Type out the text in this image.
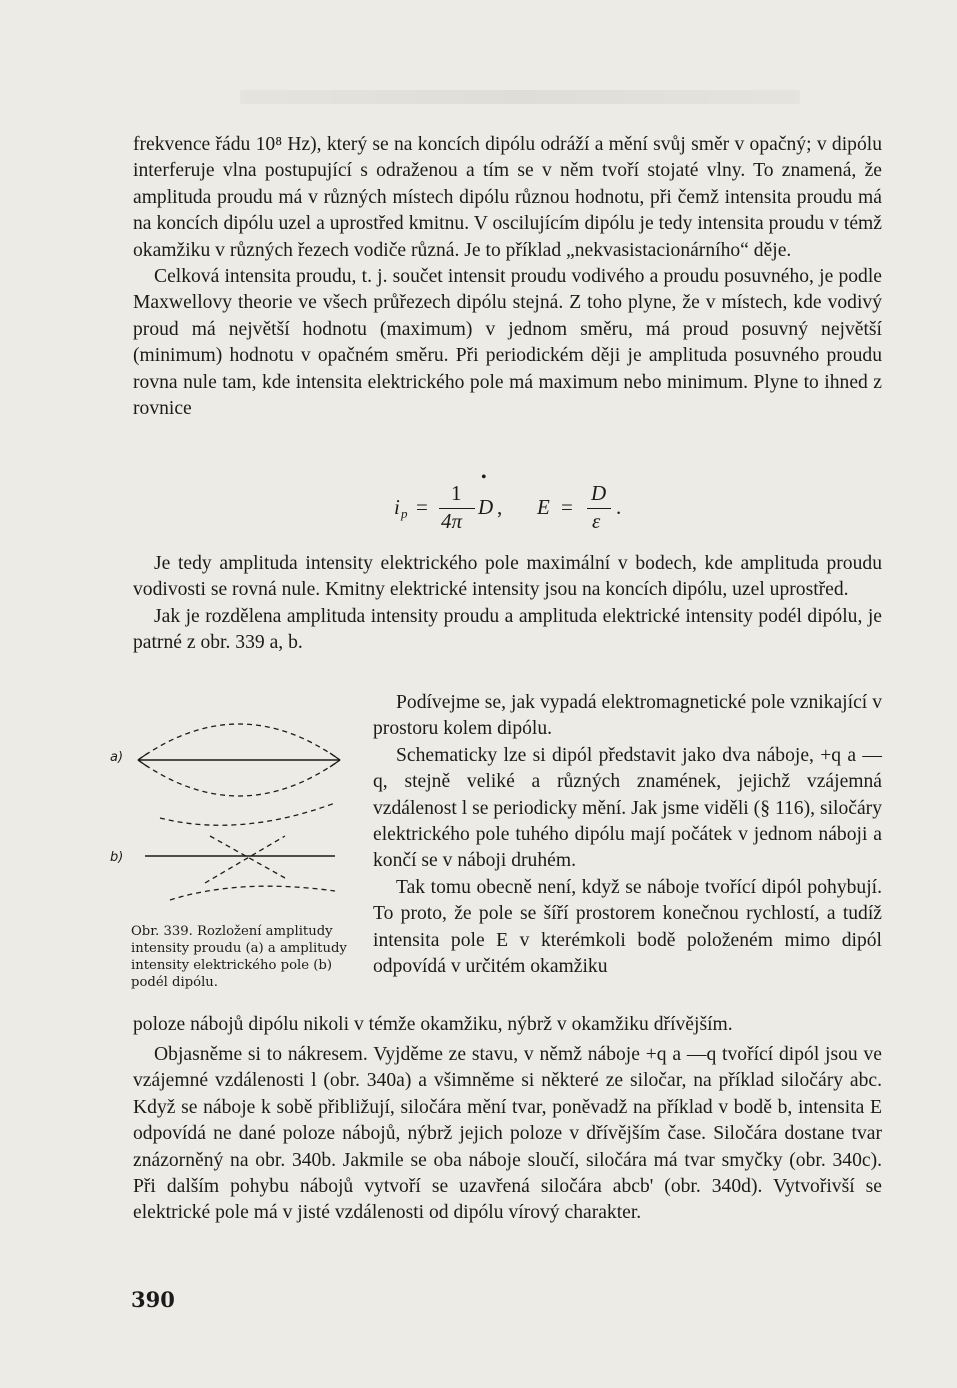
frekvence řádu 10⁸ Hz), který se na koncích dipólu odráží a mění svůj směr v opačný; v dipólu interferuje vlna postupující s odraženou a tím se v něm tvoří stojaté vlny. To znamená, že amplituda proudu má v různých místech dipólu různou hodnotu, při čemž intensita proudu má na koncích dipólu uzel a uprostřed kmitnu. V oscilujícím dipólu je tedy intensita proudu v témž okamžiku v různých řezech vodiče různá. Je to příklad „nekvasistacionárního“ děje.

Celková intensita proudu, t. j. součet intensit proudu vodivého a proudu posuvného, je podle Maxwellovy theorie ve všech průřezech dipólu stejná. Z toho plyne, že v místech, kde vodivý proud má největší hodnotu (maximum) v jednom směru, má proud posuvný největší (minimum) hodnotu v opačném směru. Při periodickém ději je amplituda posuvného proudu rovna nule tam, kde intensita elektrického pole má maximum nebo minimum. Plyne to ihned z rovnice

i p =
1
4π
•
D , E =
D
ε
.

Je tedy amplituda intensity elektrického pole maximální v bodech, kde amplituda proudu vodivosti se rovná nule. Kmitny elektrické intensity jsou na koncích dipólu, uzel uprostřed.

Jak je rozdělena amplituda intensity proudu a amplituda elektrické intensity podél dipólu, je patrné z obr. 339 a, b.

Podívejme se, jak vypadá elektromagnetické pole vznikající v prostoru kolem dipólu.

Schematicky lze si dipól představit jako dva náboje, +q a —q, stejně veliké a různých znamének, jejichž vzájemná vzdálenost l se periodicky mění. Jak jsme viděli (§ 116), siločáry elektrického pole tuhého dipólu mají počátek v jednom náboji a končí se v náboji druhém.

Tak tomu obecně není, když se náboje tvořící dipól pohybují. To proto, že pole se šíří prostorem konečnou rychlostí, a tudíž intensita pole E v kterémkoli bodě položeném mimo dipól odpovídá v určitém okamžiku

poloze nábojů dipólu nikoli v témže okamžiku, nýbrž v okamžiku dřívějším.
a)
b)
Obr. 339. Rozložení amplitudy intensity proudu (a) a amplitudy intensity elektrického pole (b) podél dipólu.

Objasněme si to nákresem. Vyjděme ze stavu, v němž náboje +q a —q tvořící dipól jsou ve vzájemné vzdálenosti l (obr. 340a) a všimněme si některé ze siločar, na příklad siločáry abc. Když se náboje k sobě přibližují, siločára mění tvar, poněvadž na příklad v bodě b, intensita E odpovídá ne dané poloze nábojů, nýbrž jejich poloze v dřívějším čase. Siločára dostane tvar znázorněný na obr. 340b. Jakmile se oba náboje sloučí, siločára má tvar smyčky (obr. 340c). Při dalším pohybu nábojů vytvoří se uzavřená siločára abcb' (obr. 340d). Vytvořivší se elektrické pole má v jisté vzdálenosti od dipólu vírový charakter.

390
